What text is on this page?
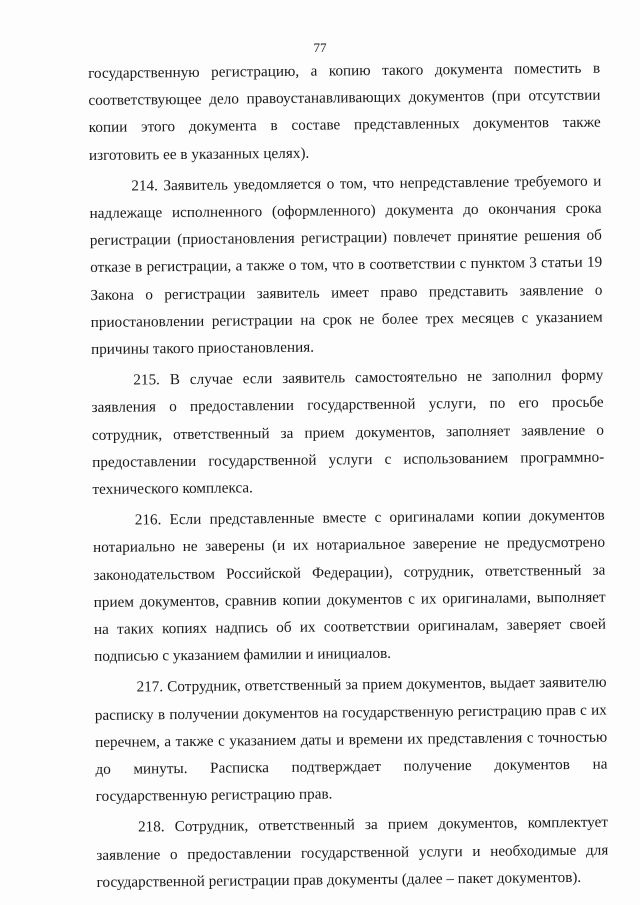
77

государственную регистрацию, а копию такого документа поместить в соответствующее дело правоустанавливающих документов (при отсутствии копии этого документа в составе представленных документов также изготовить ее в указанных целях).

214. Заявитель уведомляется о том, что непредставление требуемого и надлежаще исполненного (оформленного) документа до окончания срока регистрации (приостановления регистрации) повлечет принятие решения об отказе в регистрации, а также о том, что в соответствии с пунктом 3 статьи 19 Закона о регистрации заявитель имеет право представить заявление о приостановлении регистрации на срок не более трех месяцев с указанием причины такого приостановления.

215. В случае если заявитель самостоятельно не заполнил форму заявления о предоставлении государственной услуги, по его просьбе сотрудник, ответственный за прием документов, заполняет заявление о предоставлении государственной услуги с использованием программно-технического комплекса.

216. Если представленные вместе с оригиналами копии документов нотариально не заверены (и их нотариальное заверение не предусмотрено законодательством Российской Федерации), сотрудник, ответственный за прием документов, сравнив копии документов с их оригиналами, выполняет на таких копиях надпись об их соответствии оригиналам, заверяет своей подписью с указанием фамилии и инициалов.

217. Сотрудник, ответственный за прием документов, выдает заявителю расписку в получении документов на государственную регистрацию прав с их перечнем, а также с указанием даты и времени их представления с точностью до минуты. Расписка подтверждает получение документов на государственную регистрацию прав.

218. Сотрудник, ответственный за прием документов, комплектует заявление о предоставлении государственной услуги и необходимые для государственной регистрации прав документы (далее – пакет документов).
